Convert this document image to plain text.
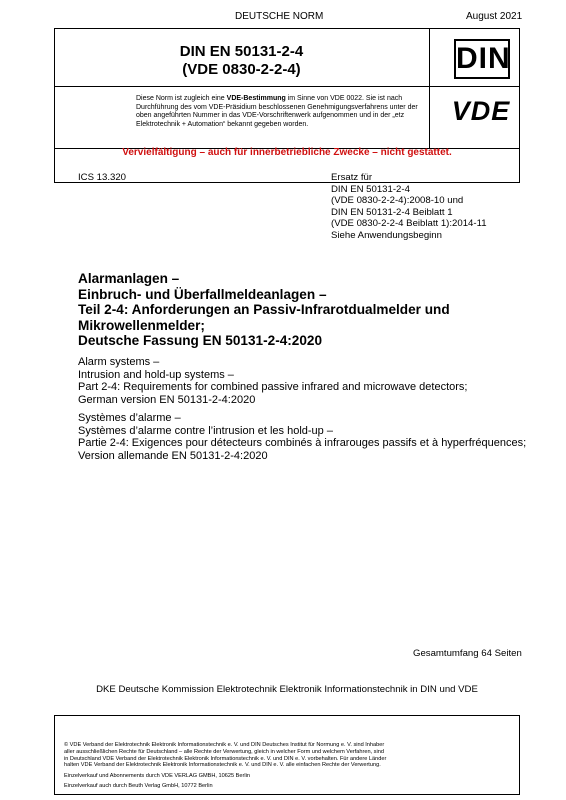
DEUTSCHE NORM	August 2021
DIN EN 50131-2-4
(VDE 0830-2-2-4)	DIN
VDE
Diese Norm ist zugleich eine VDE-Bestimmung im Sinne von VDE 0022. Sie ist nach Durchführung des vom VDE-Präsidium beschlossenen Genehmigungsverfahrens unter der oben angeführten Nummer in das VDE-Vorschriftenwerk aufgenommen und in der „etz Elektrotechnik + Automation“ bekannt gegeben worden.
Vervielfältigung – auch für innerbetriebliche Zwecke – nicht gestattet.
ICS 13.320	Ersatz für
DIN EN 50131-2-4
(VDE 0830-2-2-4):2008-10 und
DIN EN 50131-2-4 Beiblatt 1
(VDE 0830-2-2-4 Beiblatt 1):2014-11
Siehe Anwendungsbeginn
Alarmanlagen –
Einbruch- und Überfallmeldeanlagen –
Teil 2-4: Anforderungen an Passiv-Infrarotdualmelder und
Mikrowellenmelder;
Deutsche Fassung EN 50131-2-4:2020
Alarm systems –
Intrusion and hold-up systems –
Part 2-4: Requirements for combined passive infrared and microwave detectors;
German version EN 50131-2-4:2020
Systèmes d’alarme –
Systèmes d’alarme contre l’intrusion et les hold-up –
Partie 2-4: Exigences pour détecteurs combinés à infrarouges passifs et à hyperfréquences;
Version allemande EN 50131-2-4:2020
Gesamtumfang 64 Seiten
DKE Deutsche Kommission Elektrotechnik Elektronik Informationstechnik in DIN und VDE
© VDE Verband der Elektrotechnik Elektronik Informationstechnik e. V. und DIN Deutsches Institut für Normung e. V. sind Inhaber
aller ausschließlichen Rechte für Deutschland – alle Rechte der Verwertung, gleich in welcher Form und welchem Verfahren, sind
in Deutschland VDE Verband der Elektrotechnik Elektronik Informationstechnik e. V. und DIN e. V. vorbehalten. Für andere Länder
halten VDE Verband der Elektrotechnik Elektronik Informationstechnik e. V. und DIN e. V. alle einfachen Rechte der Verwertung.
Einzelverkauf und Abonnements durch VDE VERLAG GMBH, 10625 Berlin
Einzelverkauf auch durch Beuth Verlag GmbH, 10772 Berlin
